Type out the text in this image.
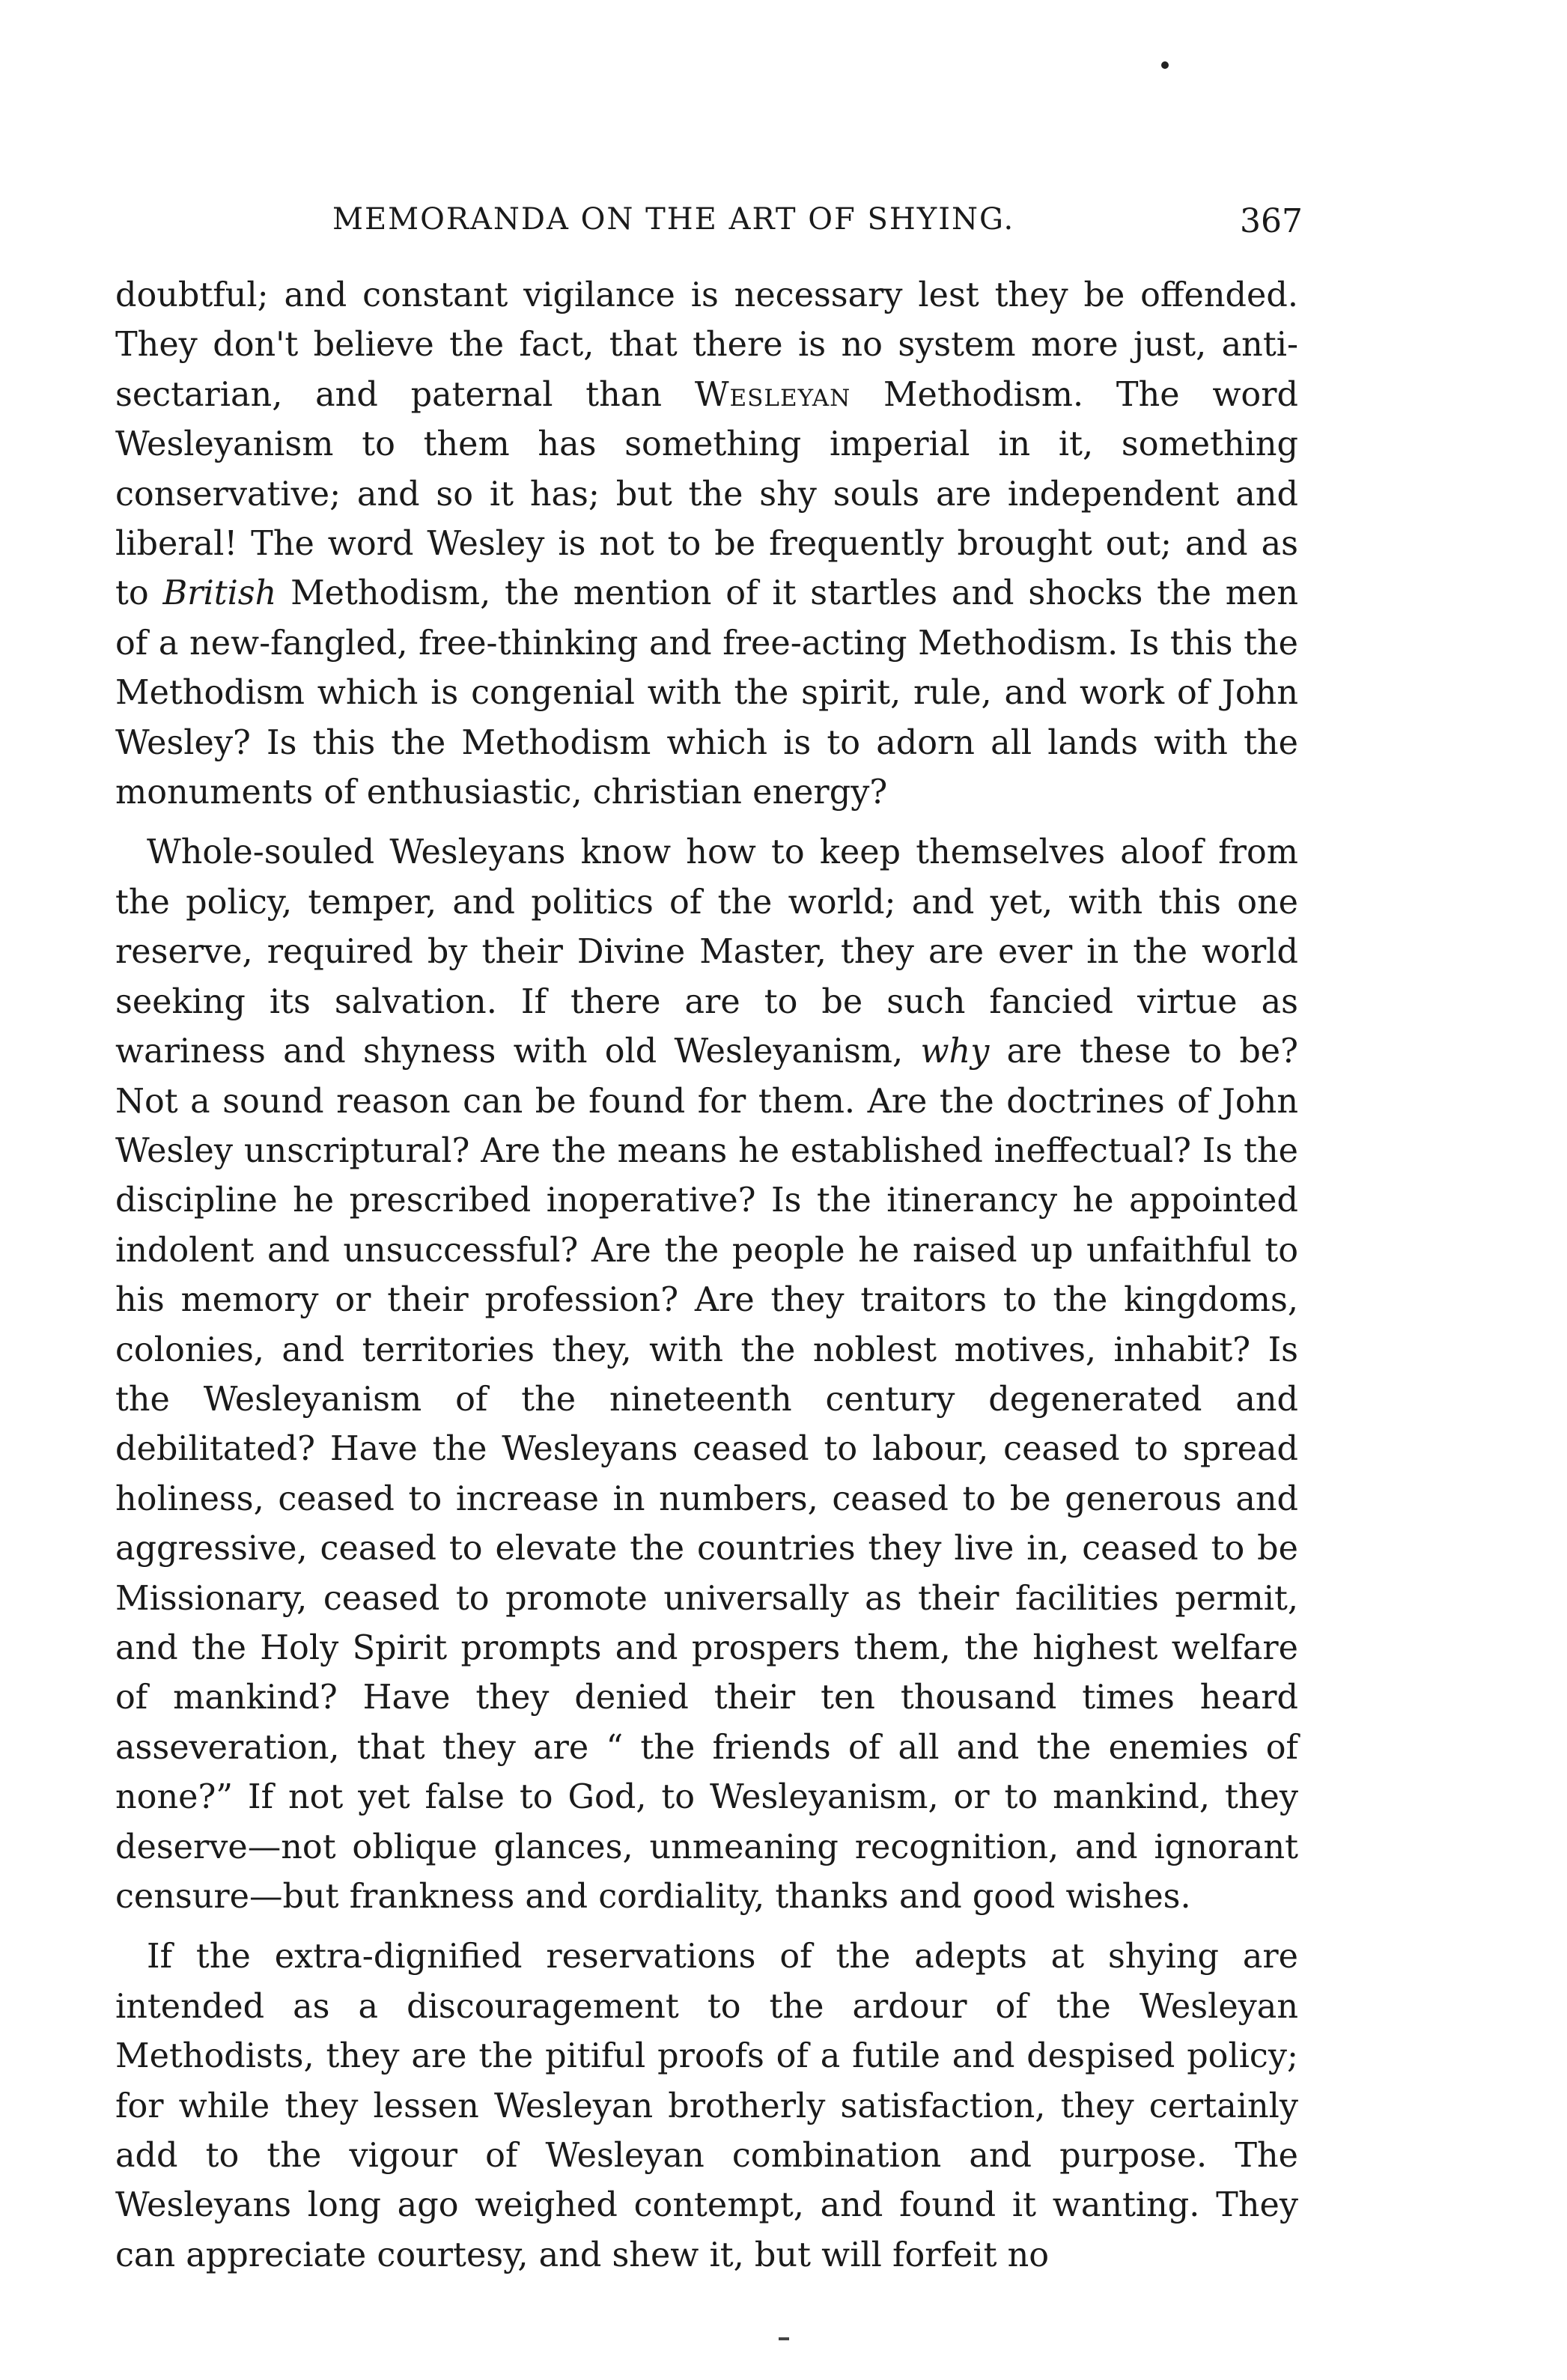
MEMORANDA ON THE ART OF SHYING.	367

doubtful; and constant vigilance is necessary lest they be offended. They don't believe the fact, that there is no system more just, anti-sectarian, and paternal than Wesleyan Methodism. The word Wesleyanism to them has something imperial in it, something conservative; and so it has; but the shy souls are independent and liberal! The word Wesley is not to be frequently brought out; and as to British Methodism, the mention of it startles and shocks the men of a new-fangled, free-thinking and free-acting Methodism. Is this the Methodism which is congenial with the spirit, rule, and work of John Wesley? Is this the Methodism which is to adorn all lands with the monuments of enthusiastic, christian energy?

Whole-souled Wesleyans know how to keep themselves aloof from the policy, temper, and politics of the world; and yet, with this one reserve, required by their Divine Master, they are ever in the world seeking its salvation. If there are to be such fancied virtue as wariness and shyness with old Wesleyanism, why are these to be? Not a sound reason can be found for them. Are the doctrines of John Wesley unscriptural? Are the means he established ineffectual? Is the discipline he prescribed inoperative? Is the itinerancy he appointed indolent and unsuccessful? Are the people he raised up unfaithful to his memory or their profession? Are they traitors to the kingdoms, colonies, and territories they, with the noblest motives, inhabit? Is the Wesleyanism of the nineteenth century degenerated and debilitated? Have the Wesleyans ceased to labour, ceased to spread holiness, ceased to increase in numbers, ceased to be generous and aggressive, ceased to elevate the countries they live in, ceased to be Missionary, ceased to promote universally as their facilities permit, and the Holy Spirit prompts and prospers them, the highest welfare of mankind? Have they denied their ten thousand times heard asseveration, that they are “ the friends of all and the enemies of none?” If not yet false to God, to Wesleyanism, or to mankind, they deserve—not oblique glances, unmeaning recognition, and ignorant censure—but frankness and cordiality, thanks and good wishes.

If the extra-dignified reservations of the adepts at shying are intended as a discouragement to the ardour of the Wesleyan Methodists, they are the pitiful proofs of a futile and despised policy; for while they lessen Wesleyan brotherly satisfaction, they certainly add to the vigour of Wesleyan combination and purpose. The Wesleyans long ago weighed contempt, and found it wanting. They can appreciate courtesy, and shew it, but will forfeit no
